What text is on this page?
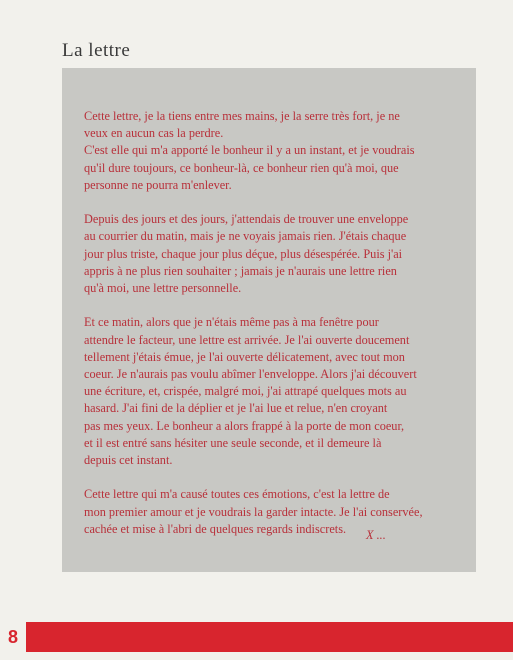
La lettre

Cette lettre, je la tiens entre mes mains, je la serre très fort, je ne
veux en aucun cas la perdre.
C'est elle qui m'a apporté le bonheur il y a un instant, et je voudrais
qu'il dure toujours, ce bonheur-là, ce bonheur rien qu'à moi, que
personne ne pourra m'enlever.

Depuis des jours et des jours, j'attendais de trouver une enveloppe
au courrier du matin, mais je ne voyais jamais rien. J'étais chaque
jour plus triste, chaque jour plus déçue, plus désespérée. Puis j'ai
appris à ne plus rien souhaiter ; jamais je n'aurais une lettre rien
qu'à moi, une lettre personnelle.

Et ce matin, alors que je n'étais même pas à ma fenêtre pour
attendre le facteur, une lettre est arrivée. Je l'ai ouverte doucement
tellement j'étais émue, je l'ai ouverte délicatement, avec tout mon
coeur. Je n'aurais pas voulu abîmer l'enveloppe. Alors j'ai découvert
une écriture, et, crispée, malgré moi, j'ai attrapé quelques mots au
hasard. J'ai fini de la déplier et je l'ai lue et relue, n'en croyant
pas mes yeux. Le bonheur a alors frappé à la porte de mon coeur,
et il est entré sans hésiter une seule seconde, et il demeure là
depuis cet instant.

Cette lettre qui m'a causé toutes ces émotions, c'est la lettre de
mon premier amour et je voudrais la garder intacte. Je l'ai conservée,
cachée et mise à l'abri de quelques regards indiscrets.	X ...
8
